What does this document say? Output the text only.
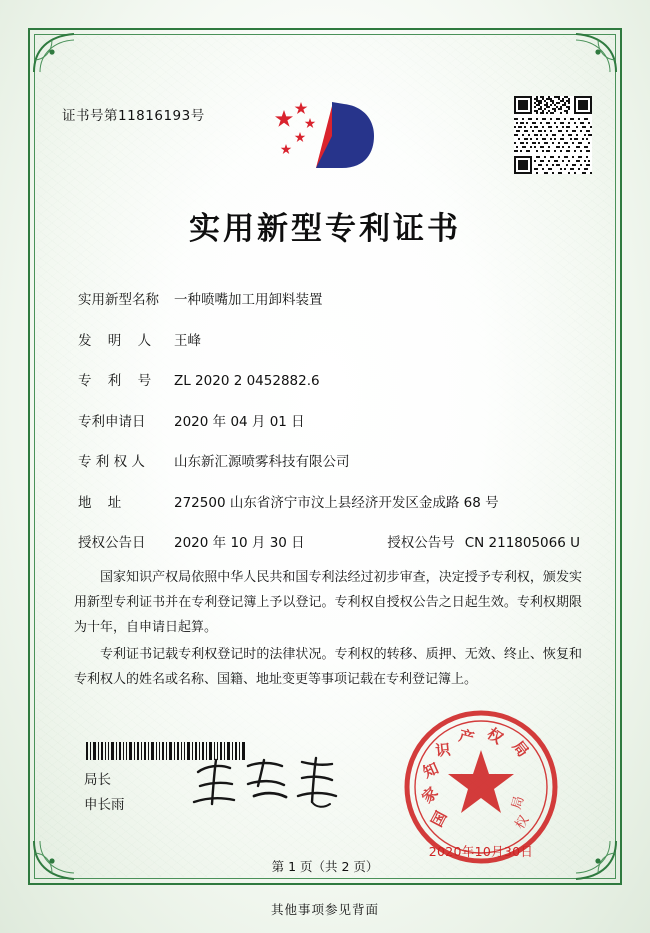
证书号第11816193号
实用新型专利证书
实用新型名称	一种喷嘴加工用卸料装置
发 明 人	王峰
专 利 号	ZL 2020 2 0452882.6
专利申请日	2020 年 04 月 01 日
专 利 权 人	山东新汇源喷雾科技有限公司
地 址	272500 山东省济宁市汶上县经济开发区金成路 68 号
授权公告日	2020 年 10 月 30 日	授权公告号 CN 211805066 U

国家知识产权局依照中华人民共和国专利法经过初步审查，决定授予专利权，颁发实用新型专利证书并在专利登记簿上予以登记。专利权自授权公告之日起生效。专利权期限为十年，自申请日起算。

专利证书记载专利权登记时的法律状况。专利权的转移、质押、无效、终止、恢复和专利权人的姓名或名称、国籍、地址变更等事项记载在专利登记簿上。

局长
申长雨
国
家
知
识
产 权
局
局
权
2020年10月30日
第 1 页（共 2 页）
其他事项参见背面
